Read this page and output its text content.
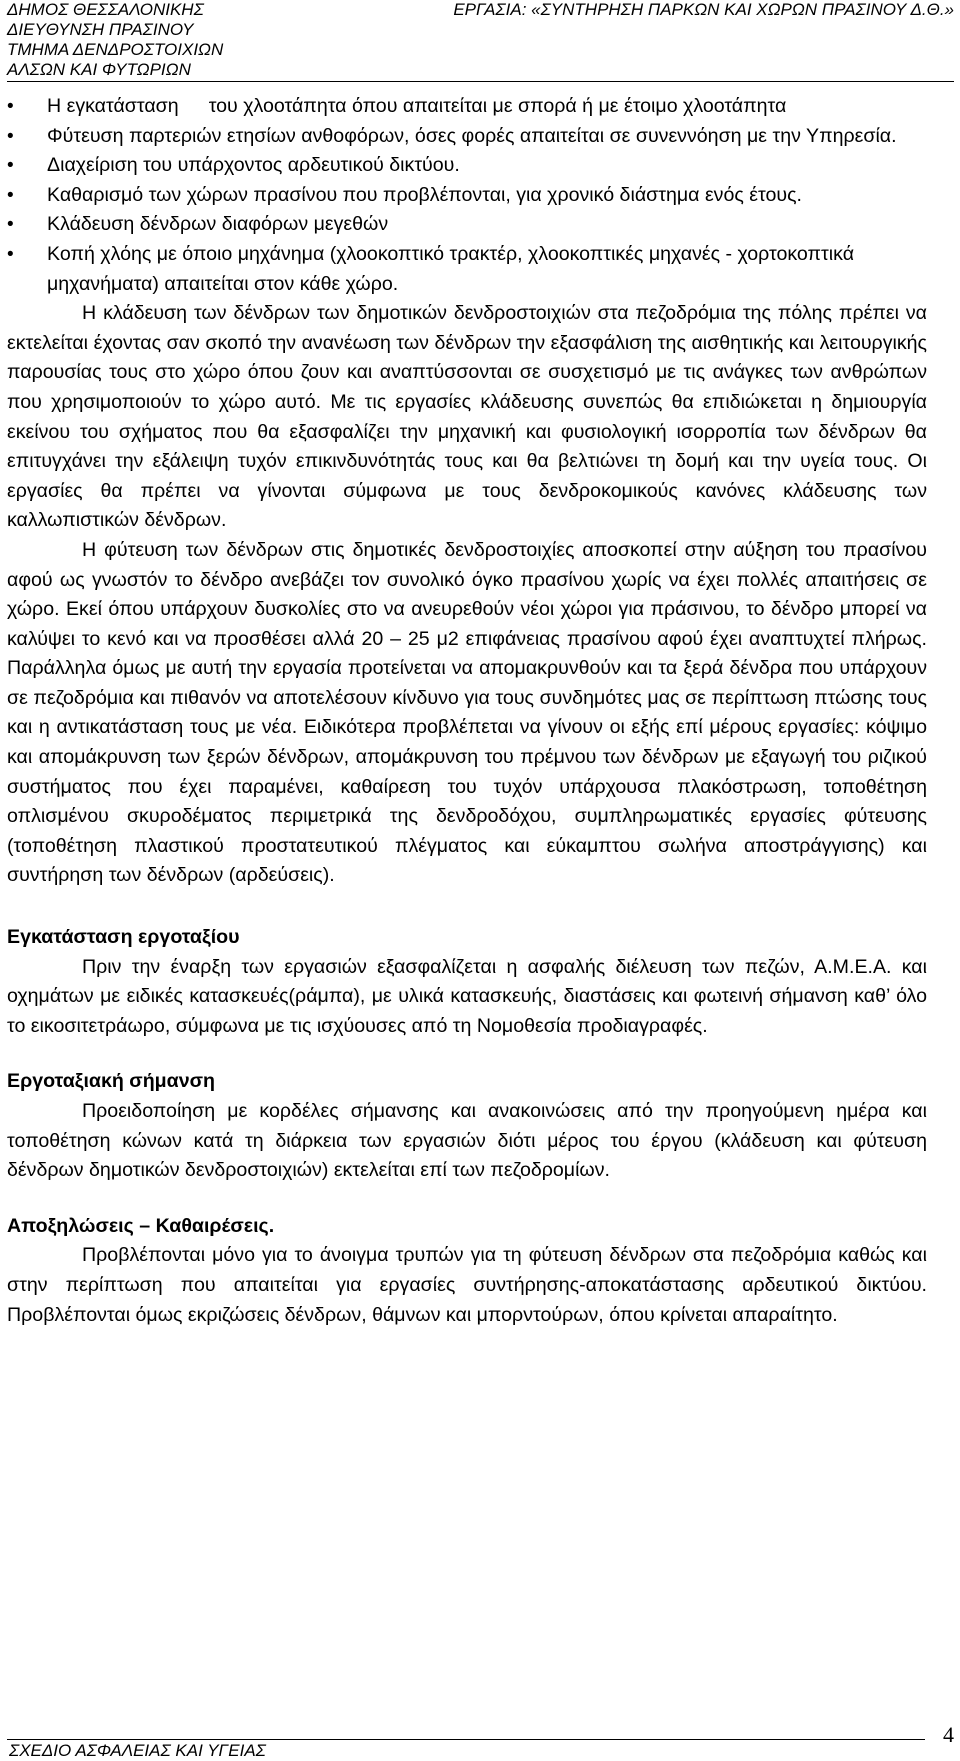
ΔΗΜΟΣ ΘΕΣΣΑΛΟΝΙΚΗΣ
ΔΙΕΥΘΥΝΣΗ ΠΡΑΣΙΝΟΥ
ΤΜΗΜΑ ΔΕΝΔΡΟΣΤΟΙΧΙΩΝ
ΑΛΣΩΝ ΚΑΙ ΦΥΤΩΡΙΩΝ
ΕΡΓΑΣΙΑ: «ΣΥΝΤΗΡΗΣΗ ΠΑΡΚΩΝ ΚΑΙ ΧΩΡΩΝ ΠΡΑΣΙΝΟΥ Δ.Θ.»
• Η εγκατάσταση του χλοοτάπητα όπου απαιτείται με σπορά ή με έτοιμο χλοοτάπητα
• Φύτευση παρτεριών ετησίων ανθοφόρων, όσες φορές απαιτείται σε συνεννόηση με την Υπηρεσία.
• Διαχείριση του υπάρχοντος αρδευτικού δικτύου.
• Καθαρισμό των χώρων πρασίνου που προβλέπονται, για χρονικό διάστημα ενός έτους.
• Κλάδευση δένδρων διαφόρων μεγεθών
• Κοπή χλόης με όποιο μηχάνημα (χλοοκοπτικό τρακτέρ, χλοοκοπτικές μηχανές - χορτοκοπτικά μηχανήματα) απαιτείται στον κάθε χώρο.

Η κλάδευση των δένδρων των δημοτικών δενδροστοιχιών στα πεζοδρόμια της πόλης πρέπει να εκτελείται έχοντας σαν σκοπό την ανανέωση των δένδρων την εξασφάλιση της αισθητικής και λειτουργικής παρουσίας τους στο χώρο όπου ζουν και αναπτύσσονται σε συσχετισμό με τις ανάγκες των ανθρώπων που χρησιμοποιούν το χώρο αυτό. Με τις εργασίες κλάδευσης συνεπώς θα επιδιώκεται η δημιουργία εκείνου του σχήματος που θα εξασφαλίζει την μηχανική και φυσιολογική ισορροπία των δένδρων θα επιτυγχάνει την εξάλειψη τυχόν επικινδυνότητάς τους και θα βελτιώνει τη δομή και την υγεία τους. Οι εργασίες θα πρέπει να γίνονται σύμφωνα με τους δενδροκομικούς κανόνες κλάδευσης των καλλωπιστικών δένδρων.

Η φύτευση των δένδρων στις δημοτικές δενδροστοιχίες αποσκοπεί στην αύξηση του πρασίνου αφού ως γνωστόν το δένδρο ανεβάζει τον συνολικό όγκο πρασίνου χωρίς να έχει πολλές απαιτήσεις σε χώρο. Εκεί όπου υπάρχουν δυσκολίες στο να ανευρεθούν νέοι χώροι για πράσινου, το δένδρο μπορεί να καλύψει το κενό και να προσθέσει αλλά 20 – 25 μ2 επιφάνειας πρασίνου αφού έχει αναπτυχτεί πλήρως. Παράλληλα όμως με αυτή την εργασία προτείνεται να απομακρυνθούν και τα ξερά δένδρα που υπάρχουν σε πεζοδρόμια και πιθανόν να αποτελέσουν κίνδυνο για τους συνδημότες μας σε περίπτωση πτώσης τους και η αντικατάσταση τους με νέα. Ειδικότερα προβλέπεται να γίνουν οι εξής επί μέρους εργασίες: κόψιμο και απομάκρυνση των ξερών δένδρων, απομάκρυνση του πρέμνου των δένδρων με εξαγωγή του ριζικού συστήματος που έχει παραμένει, καθαίρεση του τυχόν υπάρχουσα πλακόστρωση, τοποθέτηση οπλισμένου σκυροδέματος περιμετρικά της δενδροδόχου, συμπληρωματικές εργασίες φύτευσης (τοποθέτηση πλαστικού προστατευτικού πλέγματος και εύκαμπτου σωλήνα αποστράγγισης) και συντήρηση των δένδρων (αρδεύσεις).

Εγκατάσταση εργοταξίου

Πριν την έναρξη των εργασιών εξασφαλίζεται η ασφαλής διέλευση των πεζών, Α.Μ.Ε.Α. και οχημάτων με ειδικές κατασκευές(ράμπα), με υλικά κατασκευής, διαστάσεις και φωτεινή σήμανση καθ’ όλο το εικοσιτετράωρο, σύμφωνα με τις ισχύουσες από τη Νομοθεσία προδιαγραφές.

Εργοταξιακή σήμανση

Προειδοποίηση με κορδέλες σήμανσης και ανακοινώσεις από την προηγούμενη ημέρα και τοποθέτηση κώνων κατά τη διάρκεια των εργασιών διότι μέρος του έργου (κλάδευση και φύτευση δένδρων δημοτικών δενδροστοιχιών) εκτελείται επί των πεζοδρομίων.

Αποξηλώσεις – Καθαιρέσεις.

Προβλέπονται μόνο για το άνοιγμα τρυπών για τη φύτευση δένδρων στα πεζοδρόμια καθώς και στην περίπτωση που απαιτείται για εργασίες συντήρησης-αποκατάστασης αρδευτικού δικτύου. Προβλέπονται όμως εκριζώσεις δένδρων, θάμνων και μπορντούρων, όπου κρίνεται απαραίτητο.

ΣΧΕΔΙΟ ΑΣΦΑΛΕΙΑΣ ΚΑΙ ΥΓΕΙΑΣ
4
